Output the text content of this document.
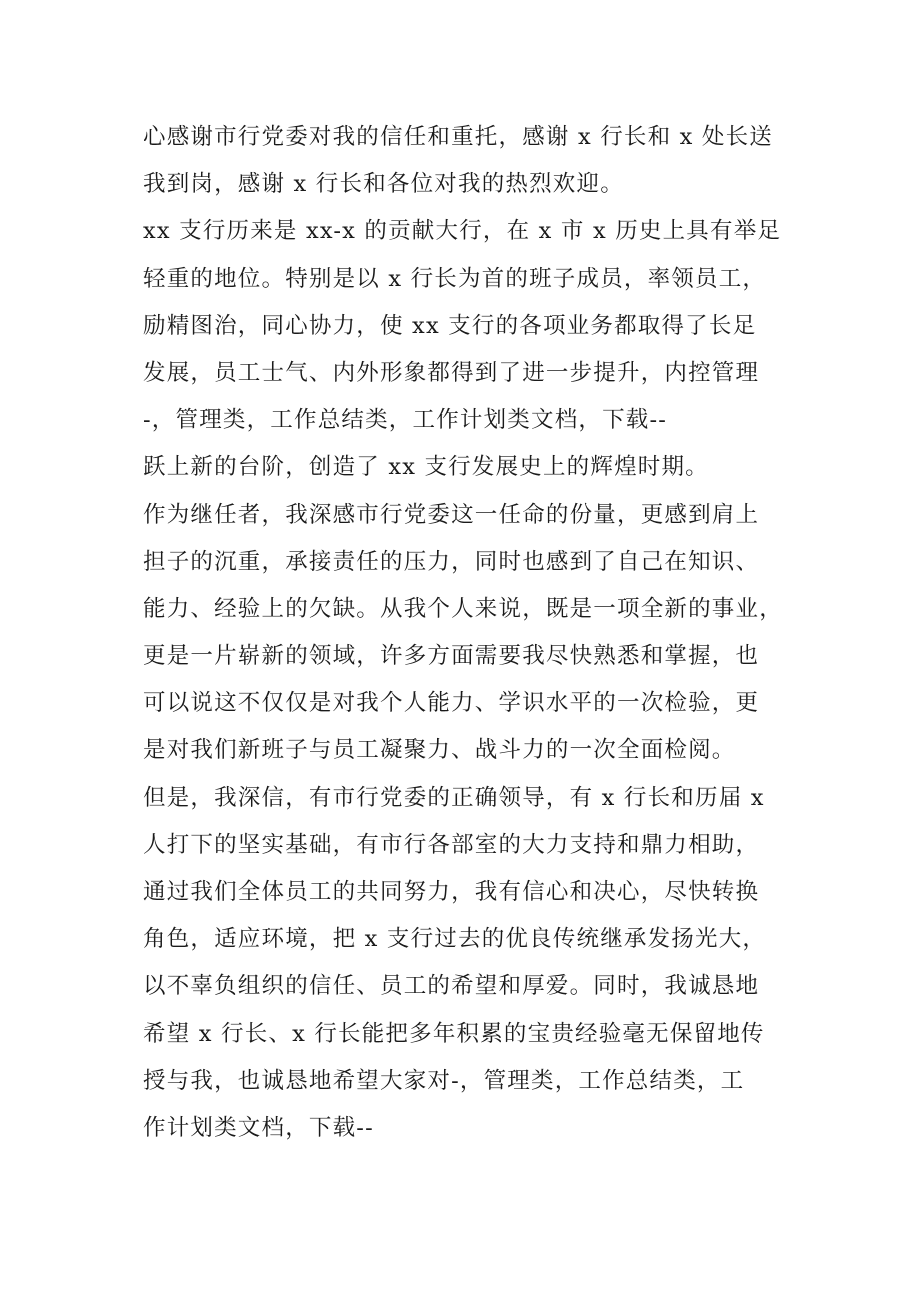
心感谢市行党委对我的信任和重托，感谢 x 行长和 x 处长送
我到岗，感谢 x 行长和各位对我的热烈欢迎。
xx 支行历来是 xx-x 的贡献大行，在 x 市 x 历史上具有举足
轻重的地位。特别是以 x 行长为首的班子成员，率领员工，
励精图治，同心协力，使 xx 支行的各项业务都取得了长足
发展，员工士气、内外形象都得到了进一步提升，内控管理
-，管理类，工作总结类，工作计划类文档，下载--
跃上新的台阶，创造了 xx 支行发展史上的辉煌时期。
作为继任者，我深感市行党委这一任命的份量，更感到肩上
担子的沉重，承接责任的压力，同时也感到了自己在知识、
能力、经验上的欠缺。从我个人来说，既是一项全新的事业，
更是一片崭新的领域，许多方面需要我尽快熟悉和掌握，也
可以说这不仅仅是对我个人能力、学识水平的一次检验，更
是对我们新班子与员工凝聚力、战斗力的一次全面检阅。
但是，我深信，有市行党委的正确领导，有 x 行长和历届 x
人打下的坚实基础，有市行各部室的大力支持和鼎力相助，
通过我们全体员工的共同努力，我有信心和决心，尽快转换
角色，适应环境，把 x 支行过去的优良传统继承发扬光大，
以不辜负组织的信任、员工的希望和厚爱。同时，我诚恳地
希望 x 行长、x 行长能把多年积累的宝贵经验毫无保留地传
授与我，也诚恳地希望大家对-，管理类，工作总结类，工
作计划类文档，下载--
